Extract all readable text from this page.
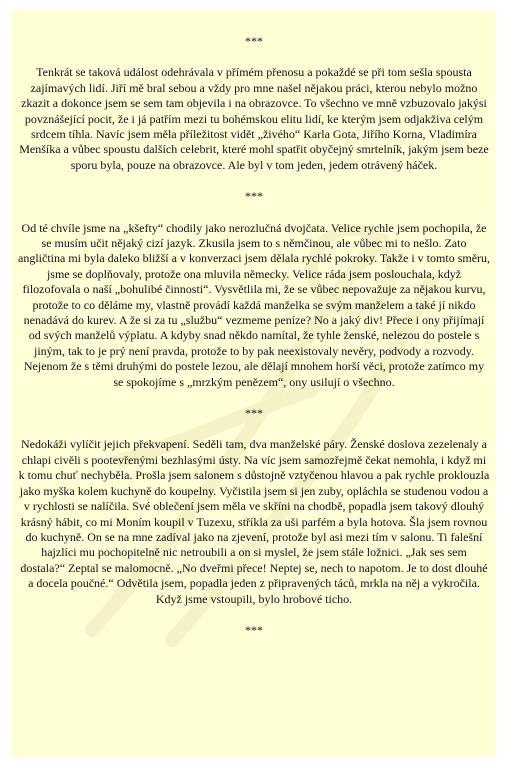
***

Tenkrát se taková událost odehrávala v přímém přenosu a pokaždé se při tom sešla spousta zajímavých lidí. Jiří mě bral sebou a vždy pro mne našel nějakou práci, kterou nebylo možno zkazit a dokonce jsem se sem tam objevila i na obrazovce. To všechno ve mně vzbuzovalo jakýsi povznášející pocit, že i já patřím mezi tu bohémskou elitu lidí, ke kterým jsem odjakživa celým srdcem tíhla. Navíc jsem měla příležitost vidět „živého“ Karla Gota, Jiřího Korna, Vladimíra Menšíka a vůbec spoustu dalších celebrit, které mohl spatřit obyčejný smrtelník, jakým jsem beze sporu byla, pouze na obrazovce. Ale byl v tom jeden, jedem otrávený háček.

***

Od té chvíle jsme na „kšefty“ chodily jako nerozlučná dvojčata. Velice rychle jsem pochopila, že se musím učit nějaký cizí jazyk. Zkusila jsem to s němčinou, ale vůbec mi to nešlo. Zato angličtina mi byla daleko bližší a v konverzaci jsem dělala rychlé pokroky. Takže i v tomto směru, jsme se doplňovaly, protože ona mluvila německy. Velice ráda jsem poslouchala, když filozofovala o naší „bohulibé činnosti“. Vysvětlila mi, že se vůbec nepovažuje za nějakou kurvu, protože to co děláme my, vlastně provádí každá manželka se svým manželem a také jí nikdo nenadává do kurev. A že si za tu „službu“ vezmeme peníze? No a jaký div! Přece i ony přijímají od svých manželů výplatu. A kdyby snad někdo namítal, že tyhle ženské, nelezou do postele s jiným, tak to je prý není pravda, protože to by pak neexistovaly nevěry, podvody a rozvody. Nejenom že s těmi druhými do postele lezou, ale dělají mnohem horší věci, protože zatímco my se spokojíme s „mrzkým penězem“, ony usilují o všechno.

***

Nedokáži vylíčit jejich překvapení. Seděli tam, dva manželské páry. Ženské doslova zezelenaly a chlapi civěli s pootevřenými bezhlasými ústy. Na víc jsem samozřejmě čekat nemohla, i když mi k tomu chuť nechyběla. Prošla jsem salonem s důstojně vztyčenou hlavou a pak rychle proklouzla jako myška kolem kuchyně do koupelny. Vyčistila jsem si jen zuby, opláchla se studenou vodou a v rychlosti se nalíčila. Své oblečení jsem měla ve skříni na chodbě, popadla jsem takový dlouhý krásný hábit, co mi Moním koupil v Tuzexu, stříkla za uši parfém a byla hotova. Šla jsem rovnou do kuchyně. On se na mne zadíval jako na zjevení, protože byl asi mezi tím v salonu. Ti falešní hajzlíci mu pochopitelně nic netroubili a on si myslel, že jsem stále ložnici. „Jak ses sem dostala?“ Zeptal se malomocně. „No dveřmi přece! Neptej se, nech to napotom. Je to dost dlouhé a docela poučné.“ Odvětila jsem, popadla jeden z připravených táců, mrkla na něj a vykročila. Když jsme vstoupili, bylo hrobové ticho.

***
